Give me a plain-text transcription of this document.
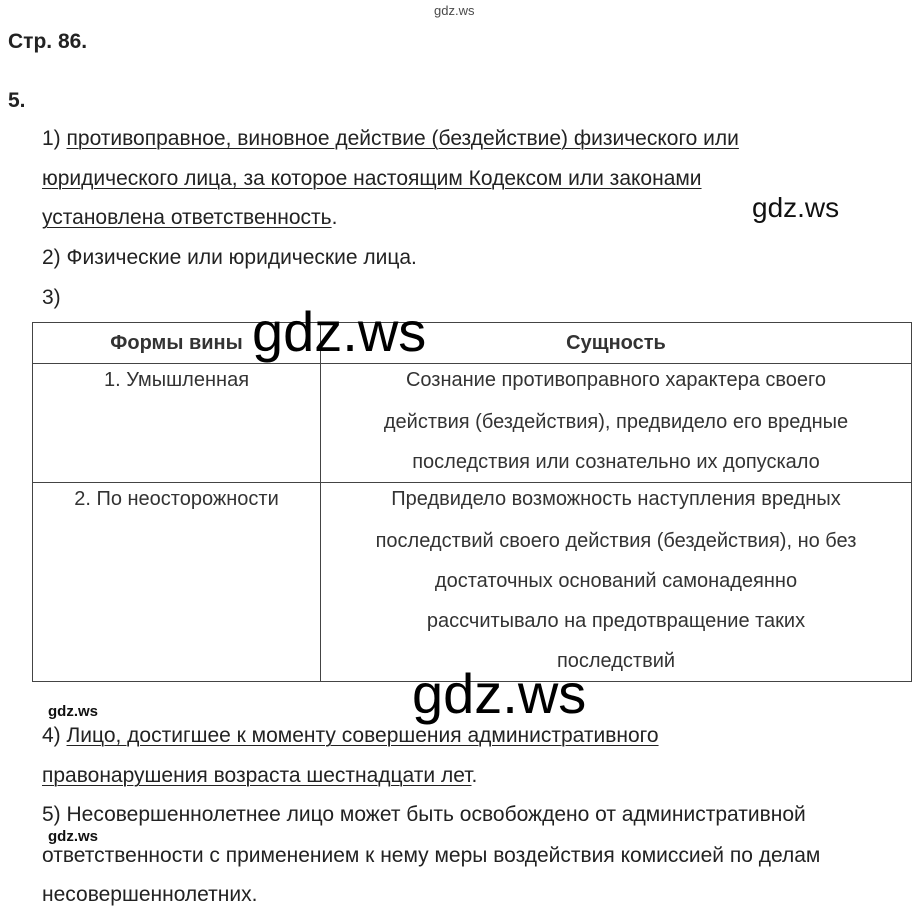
gdz.ws
Стр. 86.
5.
1) противоправное, виновное действие (бездействие) физического или
юридического лица, за которое настоящим Кодексом или законами
установлена ответственность.	gdz.ws
2) Физические или юридические лица.
3)
Формы вины	Сущность

1. Умышленная	Сознание противоправного характера своего
действия (бездействия), предвидело его вредные
последствия или сознательно их допускало

2. По неосторожности	Предвидело возможность наступления вредных
последствий своего действия (бездействия), но без
достаточных оснований самонадеянно
рассчитывало на предотвращение таких
последствий
gdz.ws
gdz.ws
gdz.ws
4) Лицо, достигшее к моменту совершения административного
правонарушения возраста шестнадцати лет.
5) Несовершеннолетнее лицо может быть освобождено от административной
gdz.ws
ответственности с применением к нему меры воздействия комиссией по делам
несовершеннолетних.
